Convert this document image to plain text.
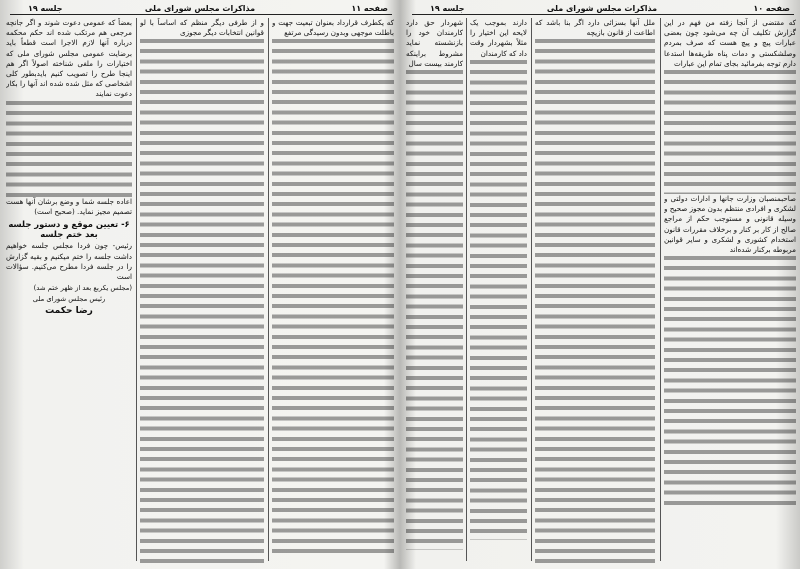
صفحه ۱۱
مذاکرات مجلس شورای ملی
جلسه ۱۹

که یکطرف قرارداد بعنوان تبعیت جهت و باطلت موجهی وبدون رسیدگی مرتفع

و از طرفی دیگر منظم که اساساً با لو قوانین انتخابات دیگر مجوزی

بعضاً که عمومی دعوت شوند و اگر جانچه مرجعی هم مرتکب شده اند حکم محکمه درباره آنها لازم الاجرا است قطعاً باید برضایت عمومی مجلس شورای ملی که اختیارات را ملغی شناخته اصولاً اگر هم اینجا طرح را تصویب کنیم بایدبطور کلی اشخاصی که مثل شده شده اند آنها را بکار دعوت نمایند

اعاده جلسه شما و وضع برشان آنها هست تصمیم مجیز نماید. (صحیح است)

۶- تعیین موقع و دستور جلسه بعد ختم جلسه

رئیس- چون فردا مجلس جلسه خواهیم داشت جلسه را ختم میکنیم و بقیه گزارش را در جلسه فردا مطرح می‌کنیم. سؤالات است

(مجلس یکربع بعد از ظهر ختم شد)

رئیس مجلس شورای ملی

رضا حکمت
صفحه ۱۰
مذاکرات مجلس شورای ملی
جلسه ۱۹

که مقتضی از آنجا زفته من فهم در این گزارش تکلیف آن چه می‌شود چون بعضی عبارات پیچ و پیچ هست که صرف بمردم وصلشکستی و دمات پناه طریقه‌ها استدعا دارم توجه بفرمائید بجای تمام این عبارات

صاحبمنصبان وزارت جانها و ادارات دولتی و لشکری و افرادی منتظم بدون مجوز صحیح و وسیله قانونی و مستوجب حکم از مراجع صالح از کار بر کنار و برخلاف مقررات قانون استخدام کشوری و لشکری و سایر قوانین مربوطه برکنار شده‌اند

ملل آنها بسزائی دارد اگر بنا باشد که اطاعت از قانون بازیچه

دارند بموجب یک لایحه این اختیار را مثلاً بشهردار وقت داد که کارمندان

شهردار حق دارد کارمندان خود را بازنشسته نماید مشروط براینکه کارمند بیست سال
